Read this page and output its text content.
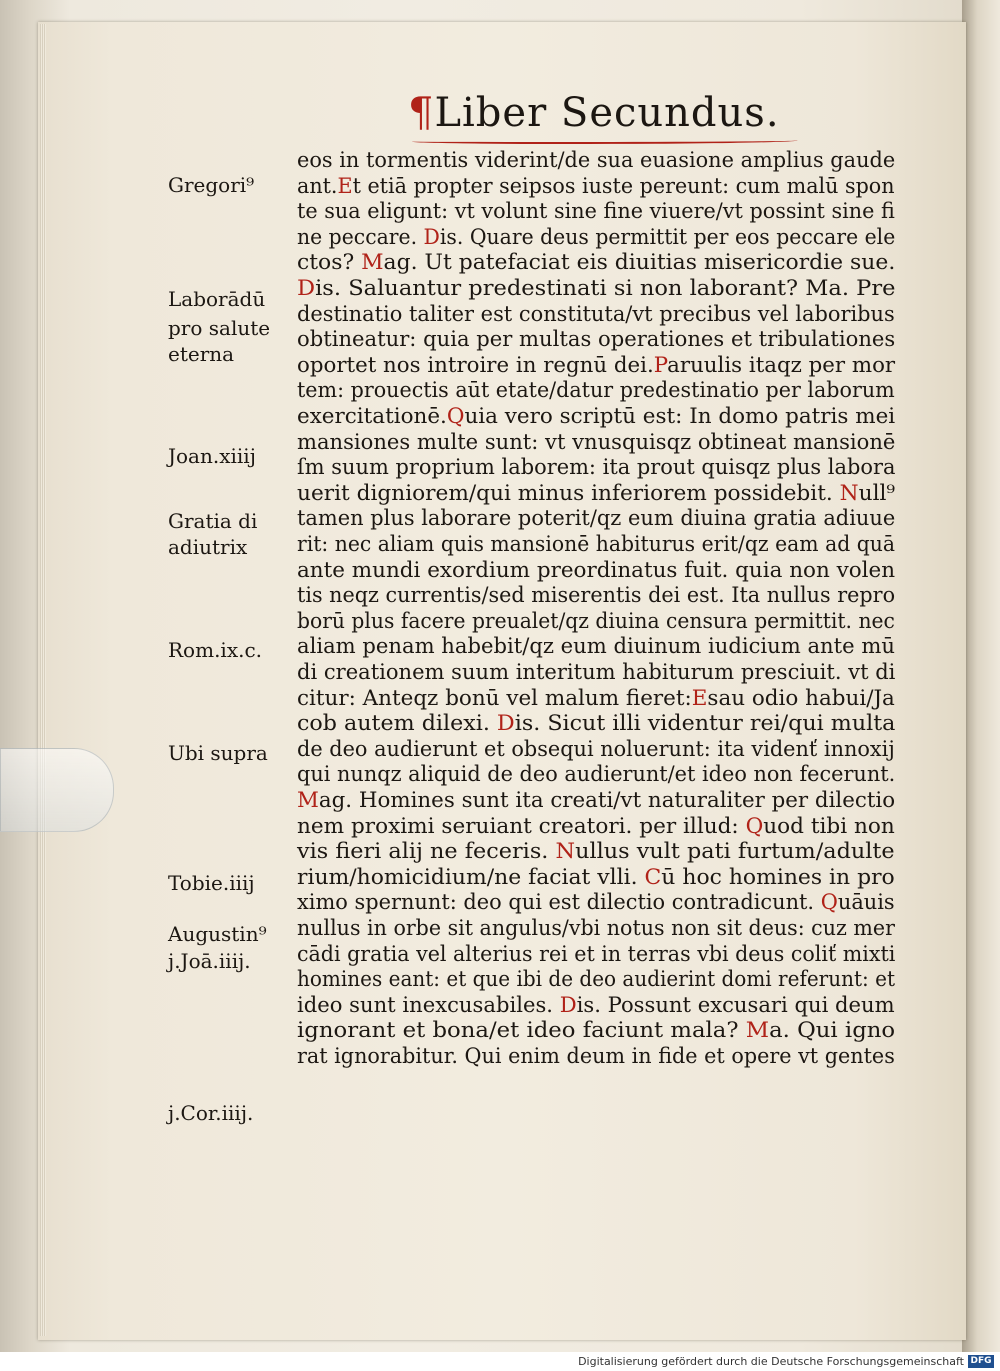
¶Liber Secundus.
Gregori⁹
Laborādū
pro salute
eterna
Joan.xiiij
Gratia di
adiutrix
Rom.ix.c.
Ubi supra
Tobie.iiij
Augustin⁹
j.Joā.iiij.
j.Cor.iiij.
eos in tormentis viderint/de sua euasione amplius gaude
ant.Et etiā propter seipsos iuste pereunt: cum malū spon
te sua eligunt: vt volunt sine fine viuere/vt possint sine fi
ne peccare. Dis. Quare deus permittit per eos peccare ele
ctos? Mag. Ut patefaciat eis diuitias misericordie sue.
Dis. Saluantur predestinati si non laborant? Ma. Pre
destinatio taliter est constituta/vt precibus vel laboribus
obtineatur: quia per multas operationes et tribulationes
oportet nos introire in regnū dei.Paruulis itaqz per mor
tem: prouectis aūt etate/datur predestinatio per laborum
exercitationē.Quia vero scriptū est: In domo patris mei
mansiones multe sunt: vt vnusquisqz obtineat mansionē
ſm suum proprium laborem: ita prout quisqz plus labora
uerit digniorem/qui minus inferiorem possidebit. Null⁹
tamen plus laborare poterit/qz eum diuina gratia adiuue
rit: nec aliam quis mansionē habiturus erit/qz eam ad quā
ante mundi exordium preordinatus fuit. quia non volen
tis neqz currentis/sed miserentis dei est. Ita nullus repro
borū plus facere preualet/qz diuina censura permittit. nec
aliam penam habebit/qz eum diuinum iudicium ante mū
di creationem suum interitum habiturum presciuit. vt di
citur: Anteqz bonū vel malum fieret:Esau odio habui/Ja
cob autem dilexi. Dis. Sicut illi videntur rei/qui multa
de deo audierunt et obsequi noluerunt: ita videnť innoxij
qui nunqz aliquid de deo audierunt/et ideo non fecerunt.
Mag. Homines sunt ita creati/vt naturaliter per dilectio
nem proximi seruiant creatori. per illud: Quod tibi non
vis fieri alij ne feceris. Nullus vult pati furtum/adulte
rium/homicidium/ne faciat vlli. Cū hoc homines in pro
ximo spernunt: deo qui est dilectio contradicunt. Quāuis
nullus in orbe sit angulus/vbi notus non sit deus: cuz mer
cādi gratia vel alterius rei et in terras vbi deus coliť mixti
homines eant: et que ibi de deo audierint domi referunt: et
ideo sunt inexcusabiles. Dis. Possunt excusari qui deum
ignorant et bona/et ideo faciunt mala? Ma. Qui igno
rat ignorabitur. Qui enim deum in fide et opere vt gentes
Digitalisierung gefördert durch die Deutsche Forschungsgemeinschaft DFG
